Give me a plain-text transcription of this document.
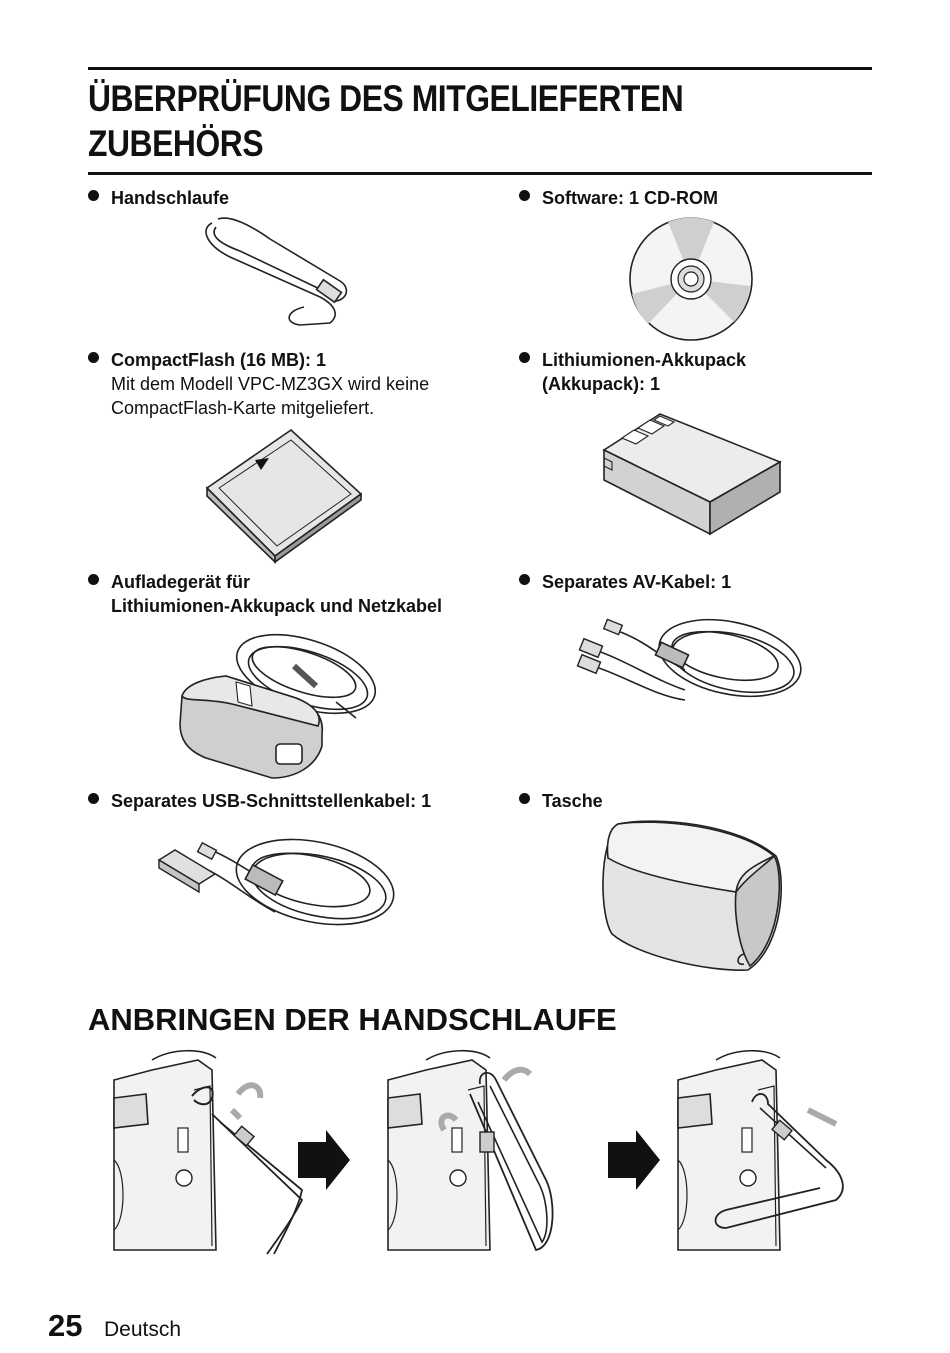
ÜBERPRÜFUNG DES MITGELIEFERTEN
ZUBEHÖRS
Handschlaufe	Software: 1 CD-ROM
CompactFlash (16 MB): 1
Mit dem Modell VPC-MZ3GX wird keine
CompactFlash-Karte mitgeliefert.
Lithiumionen-Akkupack
(Akkupack): 1
Aufladegerät für
Lithiumionen-Akkupack und Netzkabel
Separates AV-Kabel: 1
Separates USB-Schnittstellenkabel: 1	Tasche
ANBRINGEN DER HANDSCHLAUFE
25 Deutsch
